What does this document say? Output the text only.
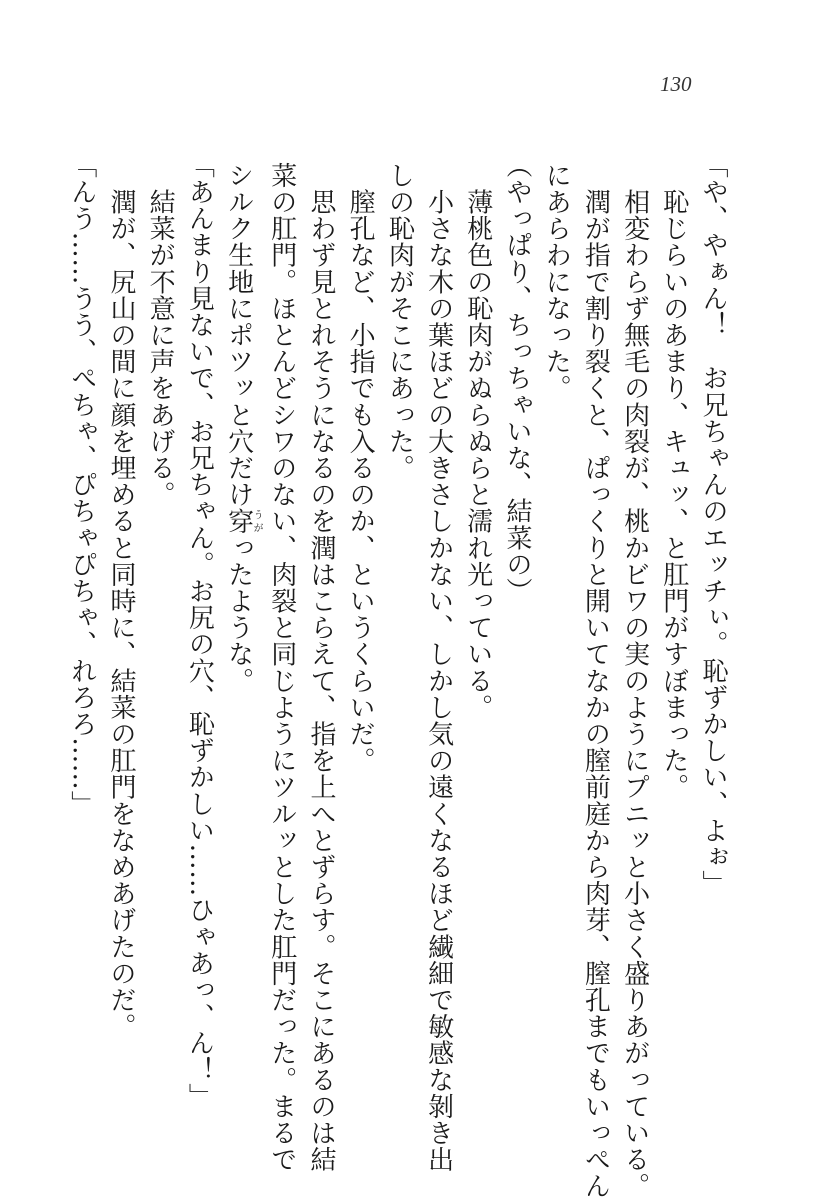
130

「や、やぁん！　お兄ちゃんのエッチぃ。恥ずかしい、よぉ」

　恥じらいのあまり、キュッ、と肛門がすぼまった。

　相変わらず無毛の肉裂が、桃かビワの実のようにプニッと小さく盛りあがっている。

　潤が指で割り裂くと、ぱっくりと開いてなかの膣前庭から肉芽、膣孔までもいっぺん

にあらわになった。

（やっぱり、ちっちゃいな、結菜の）

　薄桃色の恥肉がぬらぬらと濡れ光っている。

　小さな木の葉ほどの大きさしかない、しかし気の遠くなるほど繊細で敏感な剝き出

しの恥肉がそこにあった。

　膣孔など、小指でも入るのか、というくらいだ。

　思わず見とれそうになるのを潤はこらえて、指を上へとずらす。そこにあるのは結

菜の肛門。ほとんどシワのない、肉裂と同じようにツルッとした肛門だった。まるで

シルク生地にポツッと穴だけ穿うがったような。

「あんまり見ないで、お兄ちゃん。お尻の穴、恥ずかしい……ひゃあっ、ん！」

　結菜が不意に声をあげる。

　潤が、尻山の間に顔を埋めると同時に、結菜の肛門をなめあげたのだ。

「んう……うう、ぺちゃ、ぴちゃぴちゃ、れろろ……」
